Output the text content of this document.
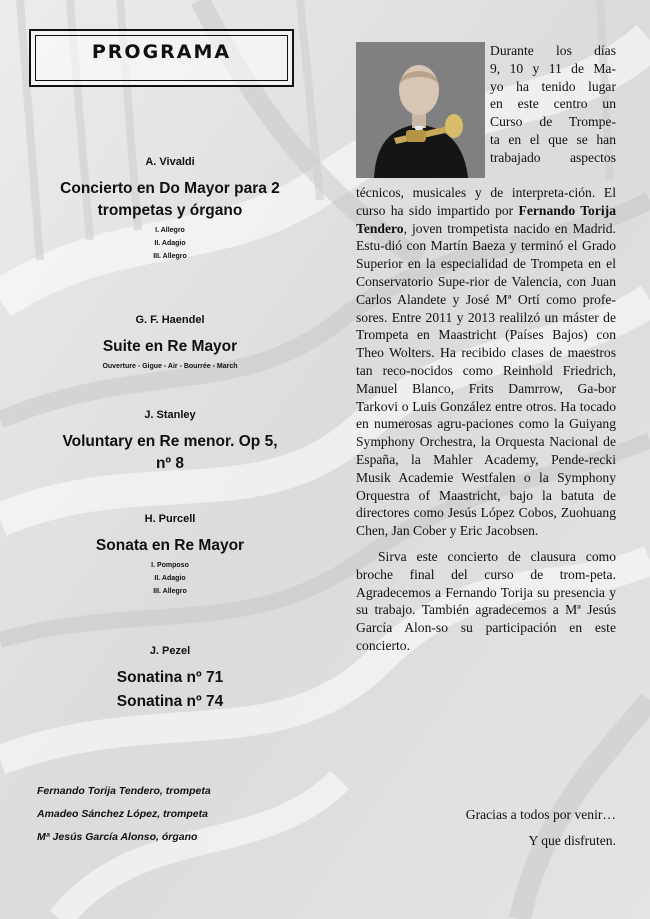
PROGRAMA
A. Vivaldi
Concierto en Do Mayor para 2
trompetas y órgano
I. Allegro
II. Adagio
III. Allegro
G. F. Haendel
Suite en Re Mayor
Ouverture - Gigue - Air - Bourrée - March
J. Stanley
Voluntary en Re menor. Op 5,
nº 8
H. Purcell
Sonata en Re Mayor
I. Pomposo
II. Adagio
III. Allegro
J. Pezel
Sonatina nº 71
Sonatina nº 74
Fernando Torija Tendero, trompeta
Amadeo Sánchez López, trompeta
Mª Jesús García Alonso, órgano
Durante los días
9, 10 y 11 de Ma-
yo ha tenido lugar
en este centro un
Curso de Trompe-
ta en el que se han
trabajado aspectos

técnicos, musicales y de interpreta-ción. El curso ha sido impartido por Fernando Torija Tendero, joven trompetista nacido en Madrid. Estu-dió con Martín Baeza y terminó el Grado Superior en la especialidad de Trompeta en el Conservatorio Supe-rior de Valencia, con Juan Carlos Alandete y José Mª Ortí como profe-sores. Entre 2011 y 2013 realilzó un máster de Trompeta en Maastricht (Países Bajos) con Theo Wolters. Ha recibido clases de maestros tan reco-nocidos como Reinhold Friedrich, Manuel Blanco, Frits Damrrow, Ga-bor Tarkovi o Luis González entre otros. Ha tocado en numerosas agru-paciones como la Guiyang Symphony Orchestra, la Orquesta Nacional de España, la Mahler Academy, Pende-recki Musik Academie Westfalen o la Symphony Orquestra of Maastricht, bajo la batuta de directores como Jesús López Cobos, Zuohuang Chen, Jan Cober y Eric Jacobsen.

Sirva este concierto de clausura como broche final del curso de trom-peta. Agradecemos a Fernando Torija su presencia y su trabajo. También agradecemos a Mª Jesús García Alon-so su participación en este concierto.

Gracias a todos por venir…
Y que disfruten.
